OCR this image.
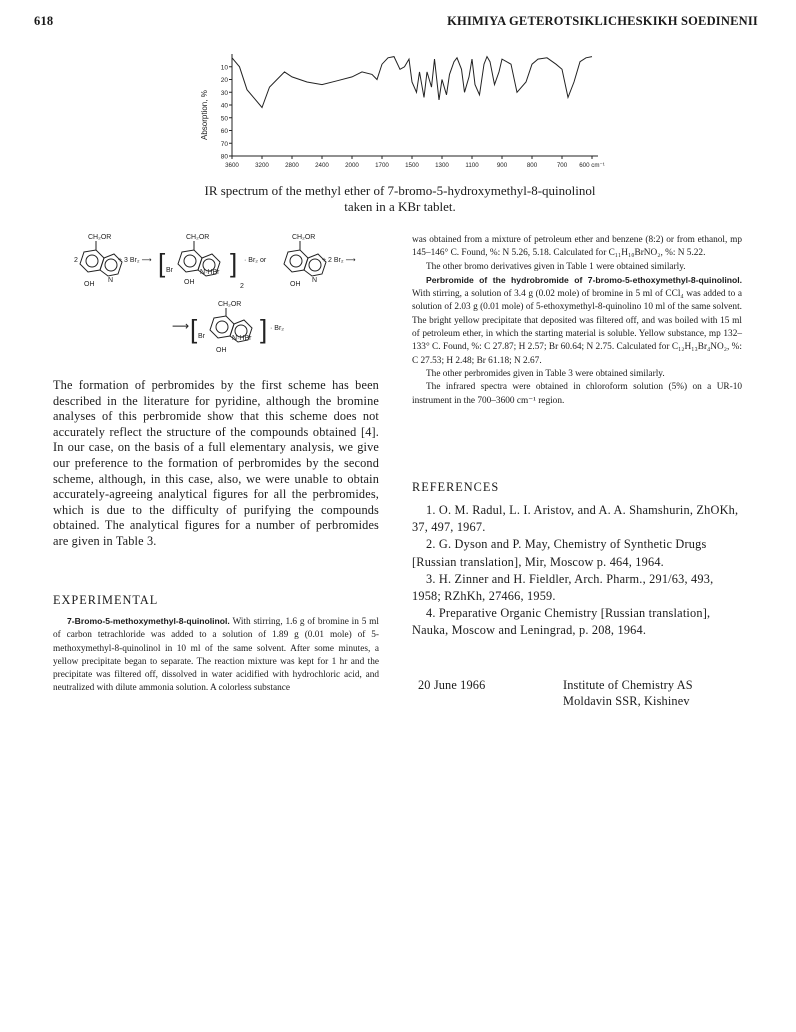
618	KHIMIYA GETEROTSIKLICHESKIKH SOEDINENII
10
20
30
40
50
60
70
80
3600	3200	2800	2400	2000	1700	1500	1300	1100	900	800	700 600 cm⁻¹
Absorption, %
IR spectrum of the methyl ether of 7-bromo-5-hydroxymethyl-8-quinolinol
taken in a KBr tablet.
CH₂OR
2
N
OH
+ 3 Br₂ ⟶ [
CH₂OR
Br	N·HBr
OH
]
2
· Br₂ or
CH₂OR
N
OH
+ 2 Br₂ ⟶
⟶ [
CH₂OR
Br	N·HBr
OH
] · Br₂
The formation of perbromides by the first scheme has been described in the literature for pyridine, although the bromine analyses of this perbromide show that this scheme does not accurately reflect the structure of the compounds obtained [4]. In our case, on the basis of a full elementary analysis, we give our preference to the formation of perbromides by the second scheme, although, in this case, also, we were unable to obtain accurately-agreeing analytical figures for all the perbromides, which is due to the difficulty of purifying the compounds obtained. The analytical figures for a number of perbromides are given in Table 3.
EXPERIMENTAL
7-Bromo-5-methoxymethyl-8-quinolinol. With stirring, 1.6 g of bromine in 5 ml of carbon tetrachloride was added to a solution of 1.89 g (0.01 mole) of 5-methoxymethyl-8-quinolinol in 10 ml of the same solvent. After some minutes, a yellow precipitate began to separate. The reaction mixture was kept for 1 hr and the precipitate was filtered off, dissolved in water acidified with hydrochloric acid, and neutralized with dilute ammonia solution. A colorless substance

was obtained from a mixture of petroleum ether and benzene (8:2) or from ethanol, mp 145–146° C. Found, %: N 5.26, 5.18. Calculated for C₁₁H₁₀BrNO₂, %: N 5.22.

The other bromo derivatives given in Table 1 were obtained similarly.

Perbromide of the hydrobromide of 7-bromo-5-ethoxymethyl-8-quinolinol. With stirring, a solution of 3.4 g (0.02 mole) of bromine in 5 ml of CCl₄ was added to a solution of 2.03 g (0.01 mole) of 5-ethoxymethyl-8-quinolino 10 ml of the same solvent. The bright yellow precipitate that deposited was filtered off, and was boiled with 15 ml of petroleum ether, in which the starting material is soluble. Yellow substance, mp 132–133° C. Found, %: C 27.87; H 2.57; Br 60.64; N 2.75. Calculated for C₁₂H₁₃Br₄NO₂, %: C 27.53; H 2.48; Br 61.18; N 2.67.

The other perbromides given in Table 3 were obtained similarly.

The infrared spectra were obtained in chloroform solution (5%) on a UR-10 instrument in the 700–3600 cm⁻¹ region.

REFERENCES

1. O. M. Radul, L. I. Aristov, and A. A. Shamshurin, ZhOKh, 37, 497, 1967.

2. G. Dyson and P. May, Chemistry of Synthetic Drugs [Russian translation], Mir, Moscow p. 464, 1964.

3. H. Zinner and H. Fieldler, Arch. Pharm., 291/63, 493, 1958; RZhKh, 27466, 1959.

4. Preparative Organic Chemistry [Russian translation], Nauka, Moscow and Leningrad, p. 208, 1964.

20 June 1966	Institute of Chemistry AS
Moldavin SSR, Kishinev
